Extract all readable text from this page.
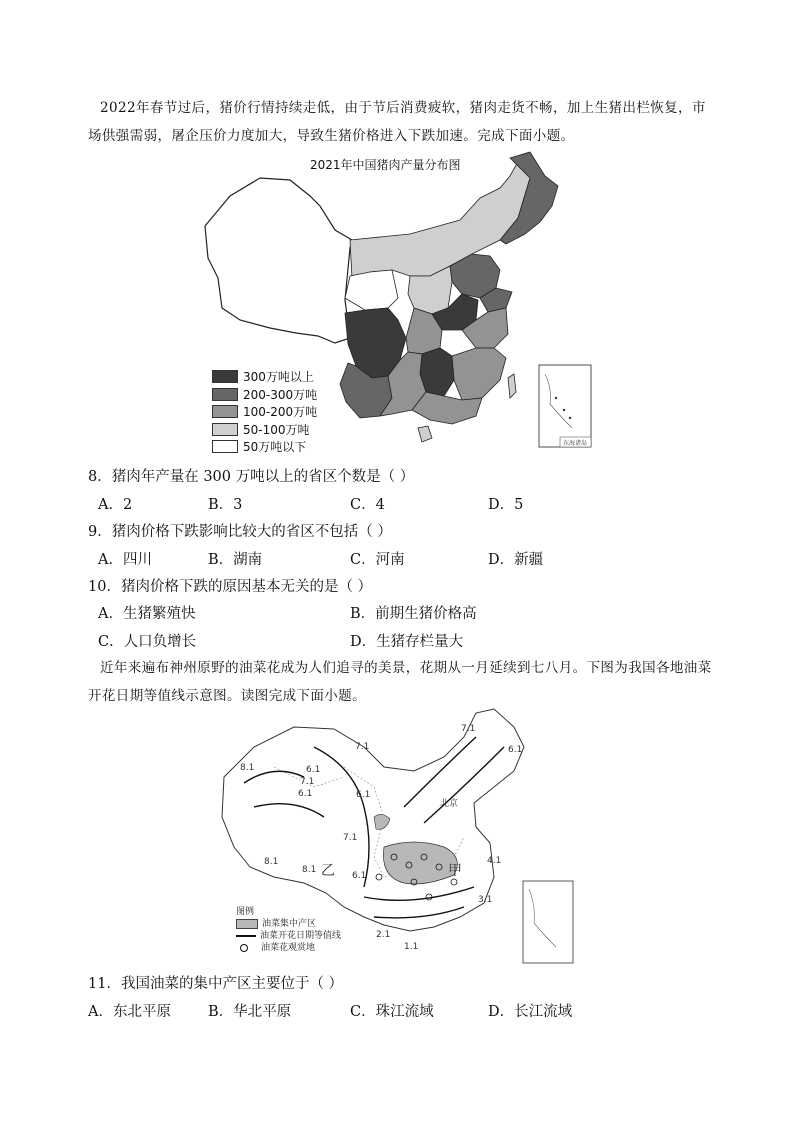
2022年春节过后，猪价行情持续走低，由于节后消费疲软，猪肉走货不畅，加上生猪出栏恢复，市场供强需弱，屠企压价力度加大，导致生猪价格进入下跌加速。完成下面小题。

东海诸岛
2021年中国猪肉产量分布图
300万吨以上
200-300万吨
100-200万吨
50-100万吨
50万吨以下

8．猪肉年产量在 300 万吨以上的省区个数是（ ）

A．2	B．3	C．4	D．5

9．猪肉价格下跌影响比较大的省区不包括（ ）

A．四川	B．湖南	C．河南	D．新疆

10．猪肉价格下跌的原因基本无关的是（ ）

A．生猪繁殖快	B．前期生猪价格高

C．人口负增长	D．生猪存栏量大

近年来遍布神州原野的油菜花成为人们追寻的美景，花期从一月延续到七八月。下图为我国各地油菜开花日期等值线示意图。读图完成下面小题。

7.1
7.1
6.1
8.1	6.1
7.1
6.1	6.1
7.1
4.1
8.1
8.1
6.1
3.1
2.1
1.1
北京
乙	甲
图例
油菜集中产区
油菜开花日期等值线
油菜花观赏地

11．我国油菜的集中产区主要位于（ ）

A．东北平原	B．华北平原	C．珠江流域	D．长江流域
